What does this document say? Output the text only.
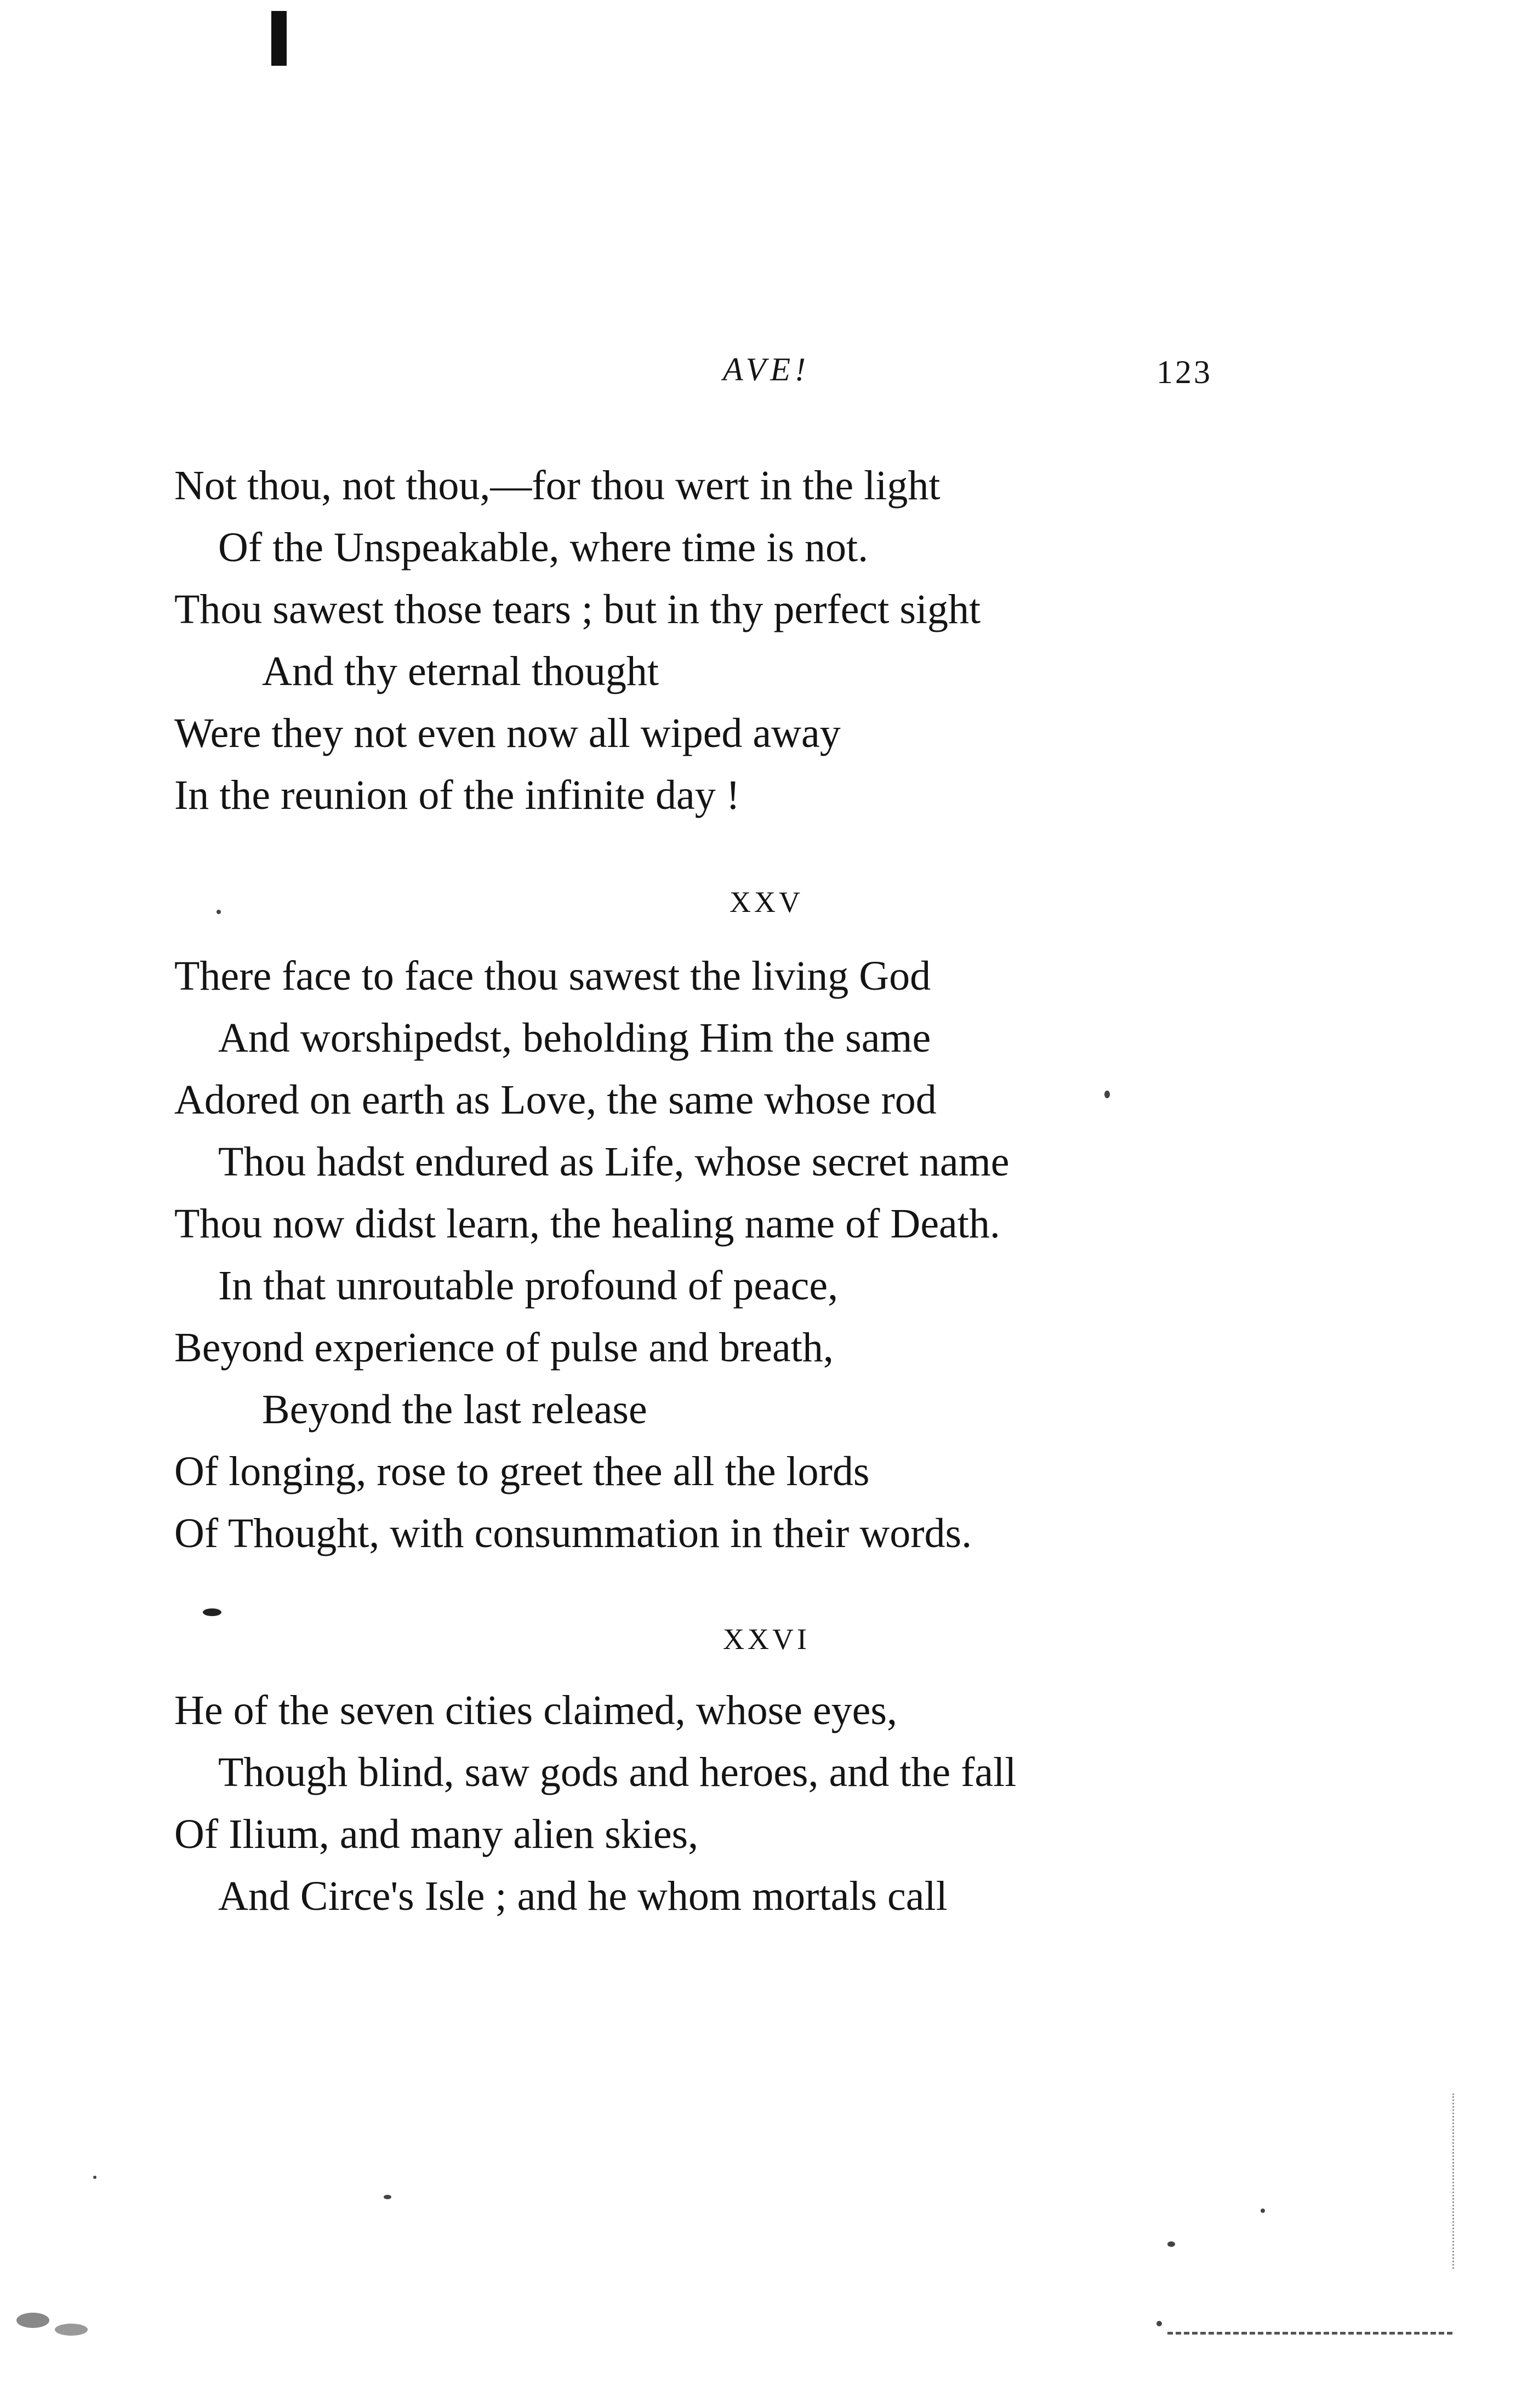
AVE!	123
Not thou, not thou,—for thou wert in the light
Of the Unspeakable, where time is not.
Thou sawest those tears ; but in thy perfect sight
And thy eternal thought
Were they not even now all wiped away
In the reunion of the infinite day !
XXV
There face to face thou sawest the living God
And worshipedst, beholding Him the same
Adored on earth as Love, the same whose rod
Thou hadst endured as Life, whose secret name
Thou now didst learn, the healing name of Death.
In that unroutable profound of peace,
Beyond experience of pulse and breath,
Beyond the last release
Of longing, rose to greet thee all the lords
Of Thought, with consummation in their words.
XXVI
He of the seven cities claimed, whose eyes,
Though blind, saw gods and heroes, and the fall
Of Ilium, and many alien skies,
And Circe's Isle ; and he whom mortals call
